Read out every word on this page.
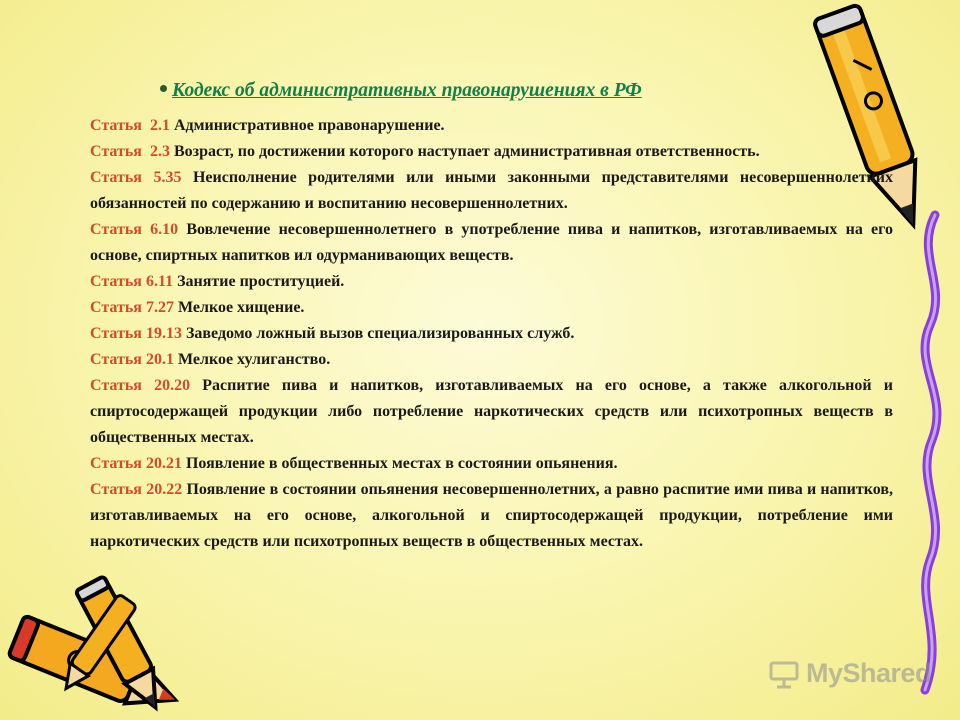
Кодекс об административных правонарушениях в РФ
Статья  2.1 Административное правонарушение.
Статья  2.3 Возраст, по достижении которого наступает административная ответственность.
Статья 5.35 Неисполнение родителями или иными законными представителями несовершеннолетних обязанностей по содержанию и воспитанию несовершеннолетних.
Статья 6.10 Вовлечение несовершеннолетнего в употребление пива и напитков, изготавливаемых на его основе, спиртных напитков ил одурманивающих веществ.
Статья 6.11 Занятие проституцией.
Статья 7.27 Мелкое хищение.
Статья 19.13 Заведомо ложный вызов специализированных служб.
Статья 20.1 Мелкое хулиганство.
Статья 20.20 Распитие пива и напитков, изготавливаемых на его основе, а также алкогольной и спиртосодержащей продукции либо потребление наркотических средств или психотропных веществ в общественных местах.
Статья 20.21 Появление в общественных местах в состоянии опьянения.
Статья 20.22 Появление в состоянии опьянения несовершеннолетних, а равно распитие ими пива и напитков, изготавливаемых на его основе, алкогольной и спиртосодержащей продукции, потребление ими наркотических средств или психотропных веществ в общественных местах.
MyShared
